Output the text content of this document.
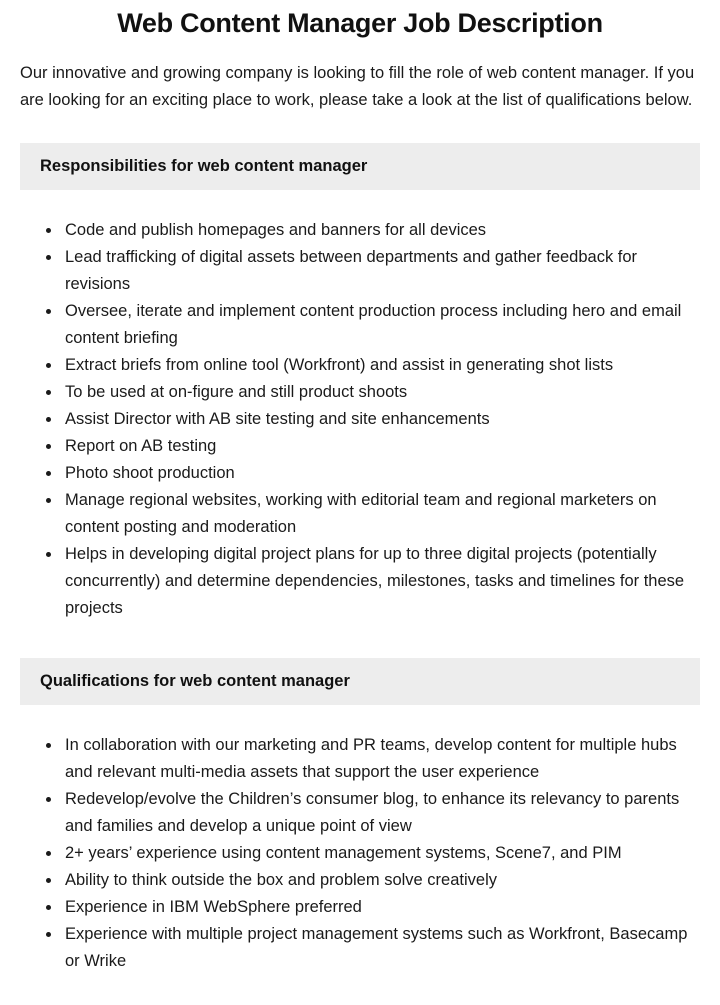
Web Content Manager Job Description

Our innovative and growing company is looking to fill the role of web content manager. If you are looking for an exciting place to work, please take a look at the list of qualifications below.

Responsibilities for web content manager
• Code and publish homepages and banners for all devices
• Lead trafficking of digital assets between departments and gather feedback for revisions
• Oversee, iterate and implement content production process including hero and email content briefing
• Extract briefs from online tool (Workfront) and assist in generating shot lists
• To be used at on-figure and still product shoots
• Assist Director with AB site testing and site enhancements
• Report on AB testing
• Photo shoot production
• Manage regional websites, working with editorial team and regional marketers on content posting and moderation
• Helps in developing digital project plans for up to three digital projects (potentially concurrently) and determine dependencies, milestones, tasks and timelines for these projects
Qualifications for web content manager
• In collaboration with our marketing and PR teams, develop content for multiple hubs and relevant multi-media assets that support the user experience
• Redevelop/evolve the Children’s consumer blog, to enhance its relevancy to parents and families and develop a unique point of view
• 2+ years’ experience using content management systems, Scene7, and PIM
• Ability to think outside the box and problem solve creatively
• Experience in IBM WebSphere preferred
• Experience with multiple project management systems such as Workfront, Basecamp or Wrike
